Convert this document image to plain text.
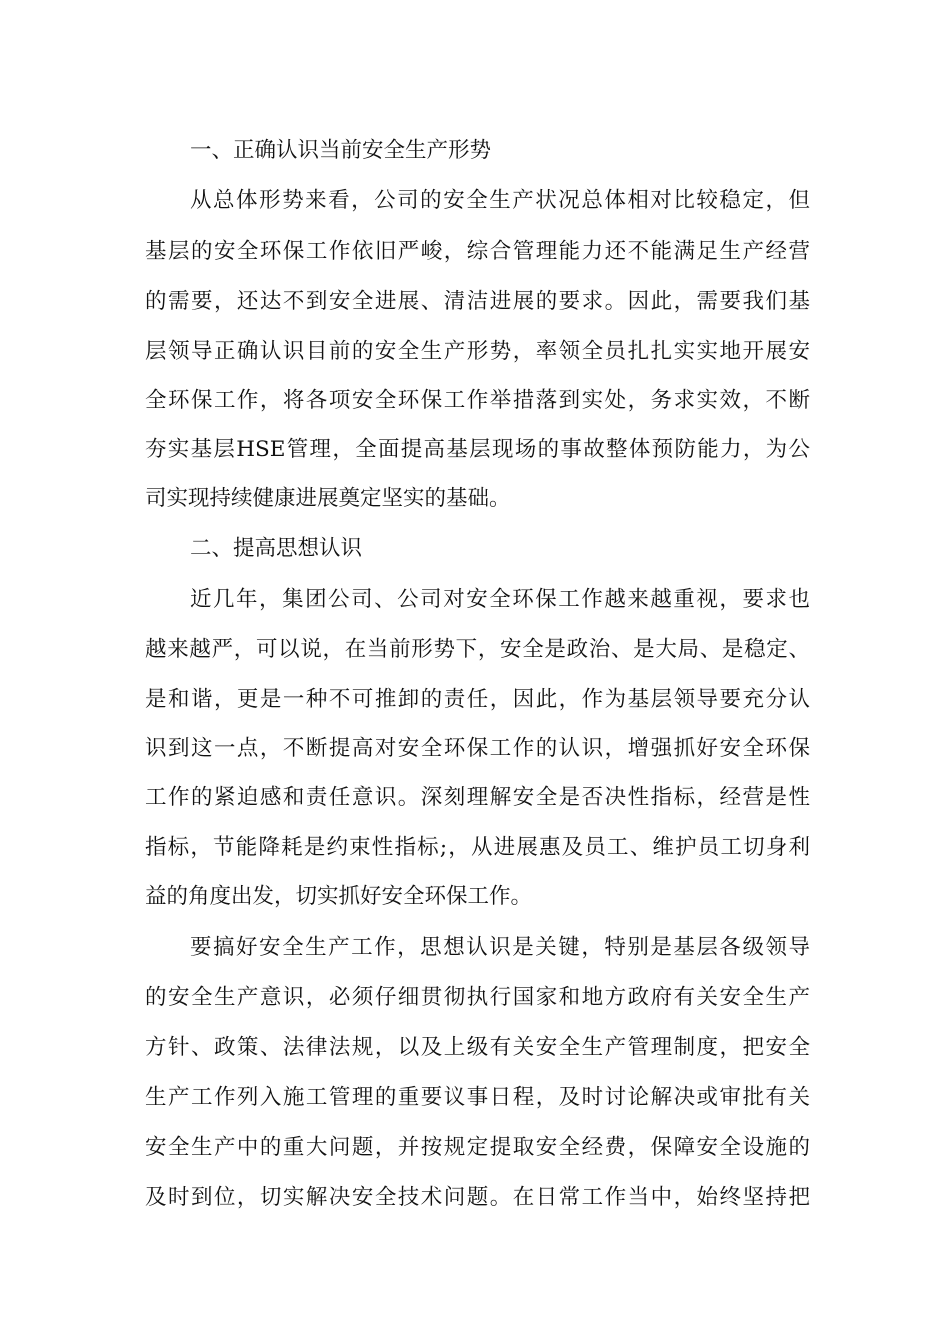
一、正确认识当前安全生产形势
从总体形势来看，公司的安全生产状况总体相对比较稳定，但
基层的安全环保工作依旧严峻，综合管理能力还不能满足生产经营
的需要，还达不到安全进展、清洁进展的要求。因此，需要我们基
层领导正确认识目前的安全生产形势，率领全员扎扎实实地开展安
全环保工作，将各项安全环保工作举措落到实处，务求实效，不断
夯实基层HSE管理，全面提高基层现场的事故整体预防能力，为公
司实现持续健康进展奠定坚实的基础。
二、提高思想认识
近几年，集团公司、公司对安全环保工作越来越重视，要求也
越来越严，可以说，在当前形势下，安全是政治、是大局、是稳定、
是和谐，更是一种不可推卸的责任，因此，作为基层领导要充分认
识到这一点，不断提高对安全环保工作的认识，增强抓好安全环保
工作的紧迫感和责任意识。深刻理解安全是否决性指标，经营是性
指标，节能降耗是约束性指标;，从进展惠及员工、维护员工切身利
益的角度出发，切实抓好安全环保工作。
要搞好安全生产工作，思想认识是关键，特别是基层各级领导
的安全生产意识，必须仔细贯彻执行国家和地方政府有关安全生产
方针、政策、法律法规，以及上级有关安全生产管理制度，把安全
生产工作列入施工管理的重要议事日程，及时讨论解决或审批有关
安全生产中的重大问题，并按规定提取安全经费，保障安全设施的
及时到位，切实解决安全技术问题。在日常工作当中，始终坚持把
